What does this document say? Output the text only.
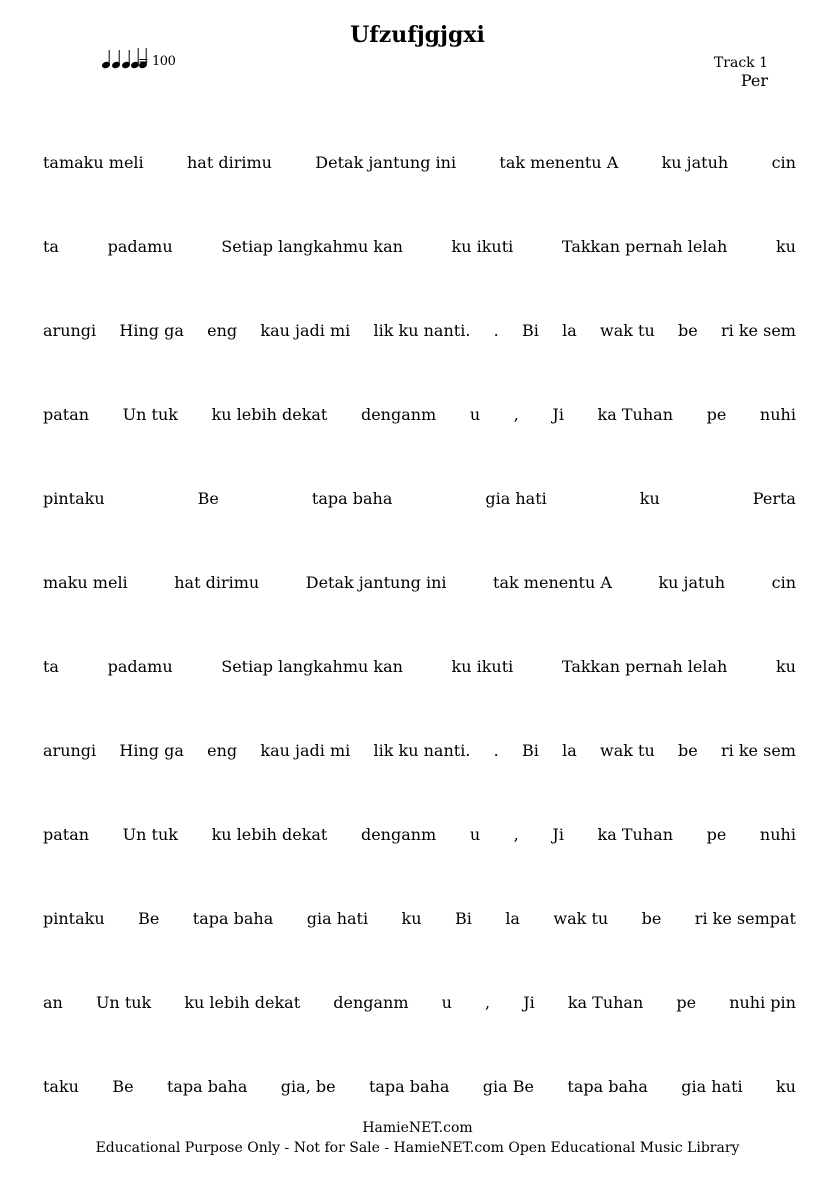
Ufzufjgjgxi
= 100	Track 1
Per
tamaku meli	hat dirimu	Detak jantung ini	tak menentu A	ku jatuh	cin
ta	padamu	Setiap langkahmu kan	ku ikuti	Takkan pernah lelah	ku
arungi Hing ga eng kau jadi mi lik ku nanti. . Bi la wak tu be ri ke sem
patan Un tuk ku lebih dekat denganm u , Ji ka Tuhan pe nuhi
pintaku	Be	tapa baha	gia hati	ku	Perta
maku meli	hat dirimu	Detak jantung ini	tak menentu A	ku jatuh	cin
ta	padamu	Setiap langkahmu kan	ku ikuti	Takkan pernah lelah	ku
arungi Hing ga eng kau jadi mi lik ku nanti. . Bi la wak tu be ri ke sem
patan Un tuk ku lebih dekat denganm u , Ji ka Tuhan pe nuhi
pintaku Be tapa baha gia hati ku Bi la wak tu be ri ke sempat
an Un tuk ku lebih dekat denganm u , Ji ka Tuhan pe nuhi pin
taku Be tapa baha gia, be tapa baha gia Be tapa baha gia hati ku
HamieNET.com
Educational Purpose Only - Not for Sale - HamieNET.com Open Educational Music Library
